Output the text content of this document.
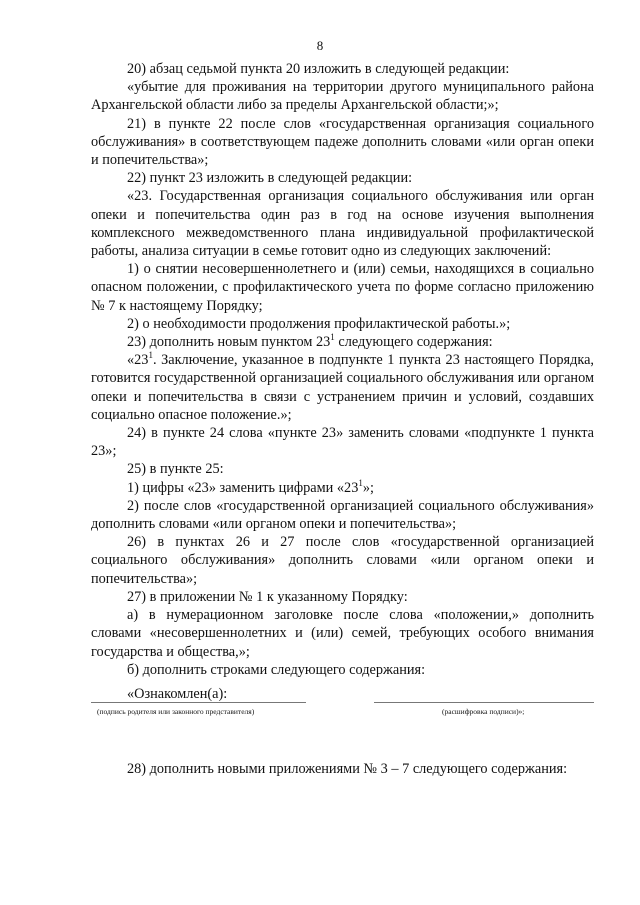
8

20) абзац седьмой пункта 20 изложить в следующей редакции:

«убытие для проживания на территории другого муниципального района Архангельской области либо за пределы Архангельской области;»;

21) в пункте 22 после слов «государственная организация социального обслуживания» в соответствующем падеже дополнить словами «или орган опеки и попечительства»;

22) пункт 23 изложить в следующей редакции:

«23. Государственная организация социального обслуживания или орган опеки и попечительства один раз в год на основе изучения выполнения комплексного межведомственного плана индивидуальной профилактической работы, анализа ситуации в семье готовит одно из следующих заключений:

1) о снятии несовершеннолетнего и (или) семьи, находящихся в социально опасном положении, с профилактического учета по форме согласно приложению № 7 к настоящему Порядку;

2) о необходимости продолжения профилактической работы.»;

23) дополнить новым пунктом $23^1$ следующего содержания:

«$23^1$. Заключение, указанное в подпункте 1 пункта 23 настоящего Порядка, готовится государственной организацией социального обслуживания или органом опеки и попечительства в связи с устранением причин и условий, создавших социально опасное положение.»;

24) в пункте 24 слова «пункте 23» заменить словами «подпункте 1 пункта 23»;

25) в пункте 25:

1) цифры «23» заменить цифрами «$23^1$»;

2) после слов «государственной организацией социального обслуживания» дополнить словами «или органом опеки и попечительства»;

26) в пунктах 26 и 27 после слов «государственной организацией социального обслуживания» дополнить словами «или органом опеки и попечительства»;

27) в приложении № 1 к указанному Порядку:

а) в нумерационном заголовке после слова «положении,» дополнить словами «несовершеннолетних и (или) семей, требующих особого внимания государства и общества,»;

б) дополнить строками следующего содержания:

«Ознакомлен(а):

(подпись родителя или законного представителя)	(расшифровка подписи)»;

28) дополнить новыми приложениями № 3 – 7 следующего содержания:
